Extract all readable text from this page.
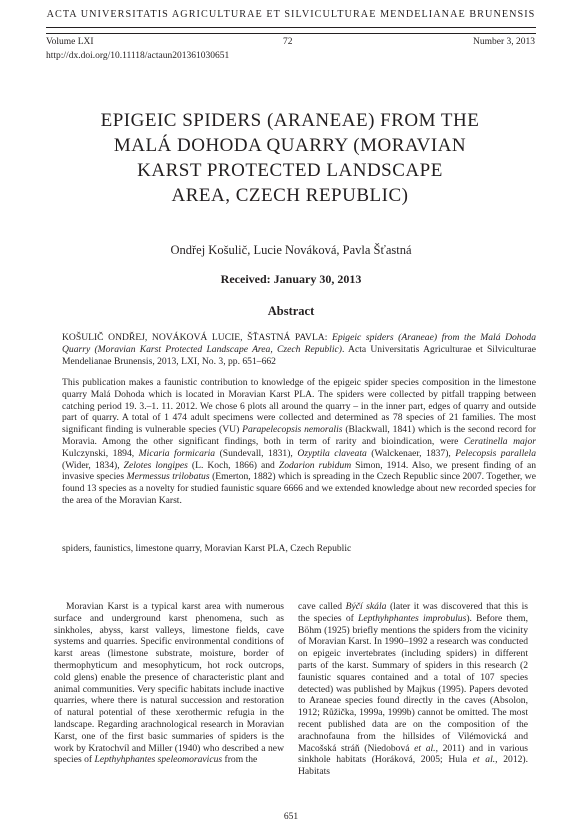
ACTA UNIVERSITATIS AGRICULTURAE ET SILVICULTURAE MENDELIANAE BRUNENSIS
Volume LXI	72	Number 3, 2013
http://dx.doi.org/10.11118/actaun201361030651
EPIGEIC SPIDERS (ARANEAE) FROM THE
MALÁ DOHODA QUARRY (MORAVIAN
KARST PROTECTED LANDSCAPE
AREA, CZECH REPUBLIC)
Ondřej Košulič, Lucie Nováková, Pavla Šťastná
Received: January 30, 2013
Abstract
KOŠULIČ ONDŘEJ, NOVÁKOVÁ LUCIE, ŠŤASTNÁ PAVLA: Epigeic spiders (Araneae) from the Malá Dohoda Quarry (Moravian Karst Protected Landscape Area, Czech Republic). Acta Universitatis Agriculturae et Silviculturae Mendelianae Brunensis, 2013, LXI, No. 3, pp. 651–662
This publication makes a faunistic contribution to knowledge of the epigeic spider species composition in the limestone quarry Malá Dohoda which is located in Moravian Karst PLA. The spiders were collected by pitfall trapping between catching period 19. 3.–1. 11. 2012. We chose 6 plots all around the quarry – in the inner part, edges of quarry and outside part of quarry. A total of 1 474 adult specimens were collected and determined as 78 species of 21 families. The most significant finding is vulnerable species (VU) Parapelecopsis nemoralis (Blackwall, 1841) which is the second record for Moravia. Among the other significant findings, both in term of rarity and bioindication, were Ceratinella major Kulczynski, 1894, Micaria formicaria (Sundevall, 1831), Ozyptila claveata (Walckenaer, 1837), Pelecopsis parallela (Wider, 1834), Zelotes longipes (L. Koch, 1866) and Zodarion rubidum Simon, 1914. Also, we present finding of an invasive species Mermessus trilobatus (Emerton, 1882) which is spreading in the Czech Republic since 2007. Together, we found 13 species as a novelty for studied faunistic square 6666 and we extended knowledge about new recorded species for the area of the Moravian Karst.
spiders, faunistics, limestone quarry, Moravian Karst PLA, Czech Republic
Moravian Karst is a typical karst area with numerous surface and underground karst phenomena, such as sinkholes, abyss, karst valleys, limestone fields, cave systems and quarries. Specific environmental conditions of karst areas (limestone substrate, moisture, border of thermophyticum and mesophyticum, hot rock outcrops, cold glens) enable the presence of characteristic plant and animal communities. Very specific habitats include inactive quarries, where there is natural succession and restoration of natural potential of these xerothermic refugia in the landscape. Regarding arachnological research in Moravian Karst, one of the first basic summaries of spiders is the work by Kratochvíl and Miller (1940) who described a new species of Lepthyhphantes speleomoravicus from the
cave called Býčí skála (later it was discovered that this is the species of Lepthyhphantes improbulus). Before them, Böhm (1925) briefly mentions the spiders from the vicinity of Moravian Karst. In 1990–1992 a research was conducted on epigeic invertebrates (including spiders) in different parts of the karst. Summary of spiders in this research (2 faunistic squares contained and a total of 107 species detected) was published by Majkus (1995). Papers devoted to Araneae species found directly in the caves (Absolon, 1912; Růžička, 1999a, 1999b) cannot be omitted. The most recent published data are on the composition of the arachnofauna from the hillsides of Vilémovická and Macošská stráň (Niedobová et al., 2011) and in various sinkhole habitats (Horáková, 2005; Hula et al., 2012). Habitats
651
